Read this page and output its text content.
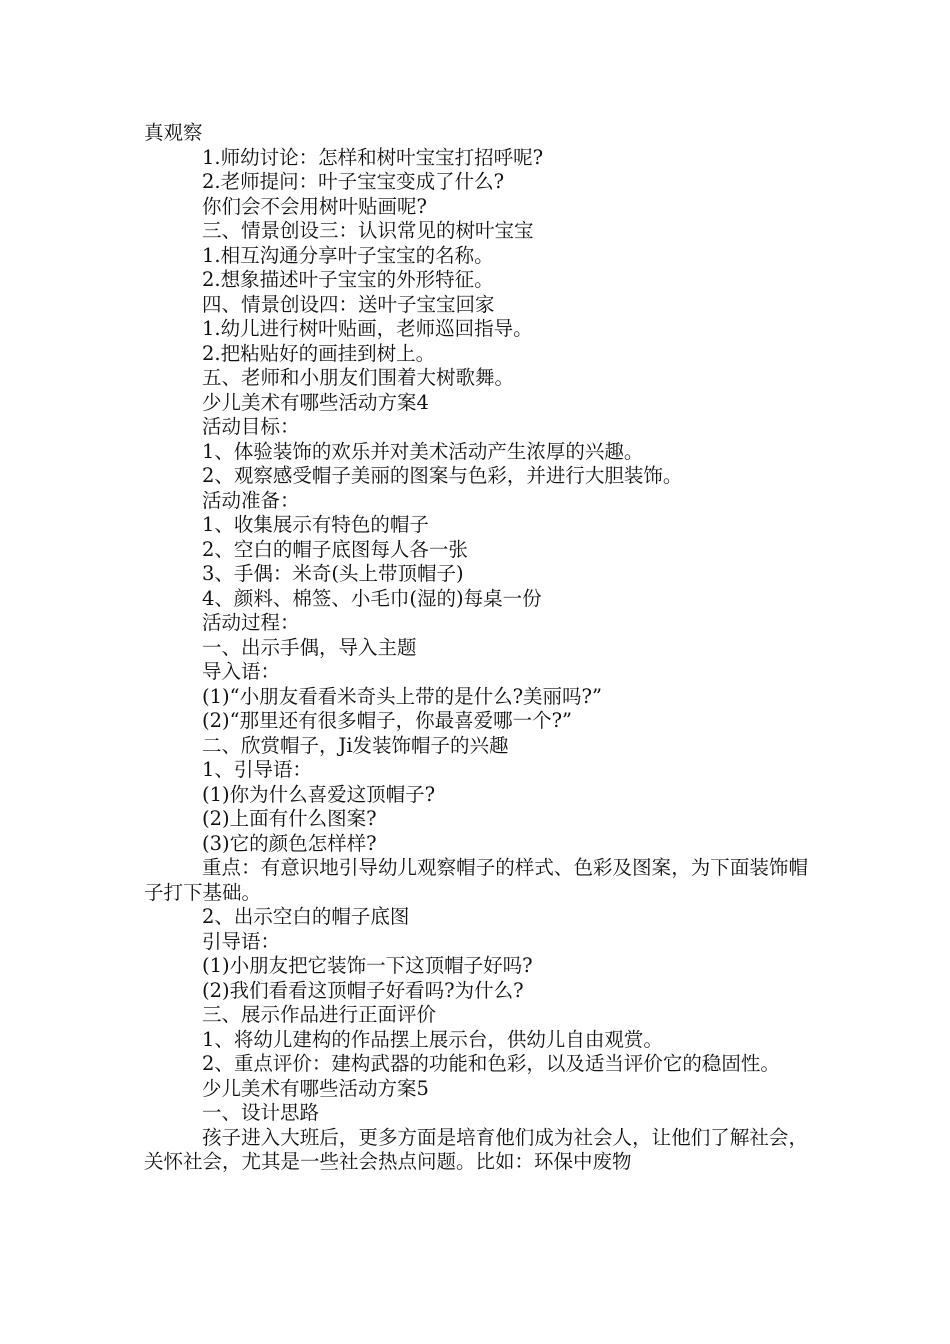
真观察
1.师幼讨论：怎样和树叶宝宝打招呼呢?
2.老师提问：叶子宝宝变成了什么?
你们会不会用树叶贴画呢?
三、情景创设三：认识常见的树叶宝宝
1.相互沟通分享叶子宝宝的名称。
2.想象描述叶子宝宝的外形特征。
四、情景创设四：送叶子宝宝回家
1.幼儿进行树叶贴画，老师巡回指导。
2.把粘贴好的画挂到树上。
五、老师和小朋友们围着大树歌舞。
少儿美术有哪些活动方案4
活动目标：
1、体验装饰的欢乐并对美术活动产生浓厚的兴趣。
2、观察感受帽子美丽的图案与色彩，并进行大胆装饰。
活动准备：
1、收集展示有特色的帽子
2、空白的帽子底图每人各一张
3、手偶：米奇(头上带顶帽子)
4、颜料、棉签、小毛巾(湿的)每桌一份
活动过程：
一、出示手偶，导入主题
导入语：
(1)“小朋友看看米奇头上带的是什么?美丽吗?”
(2)“那里还有很多帽子，你最喜爱哪一个?”
二、欣赏帽子，Ji发装饰帽子的兴趣
1、引导语：
(1)你为什么喜爱这顶帽子?
(2)上面有什么图案?
(3)它的颜色怎样样?
重点：有意识地引导幼儿观察帽子的样式、色彩及图案，为下面装饰帽子打下基础。
2、出示空白的帽子底图
引导语：
(1)小朋友把它装饰一下这顶帽子好吗?
(2)我们看看这顶帽子好看吗?为什么?
三、展示作品进行正面评价
1、将幼儿建构的作品摆上展示台，供幼儿自由观赏。
2、重点评价：建构武器的功能和色彩，以及适当评价它的稳固性。
少儿美术有哪些活动方案5
一、设计思路
孩子进入大班后，更多方面是培育他们成为社会人，让他们了解社会，关怀社会，尤其是一些社会热点问题。比如：环保中废物
